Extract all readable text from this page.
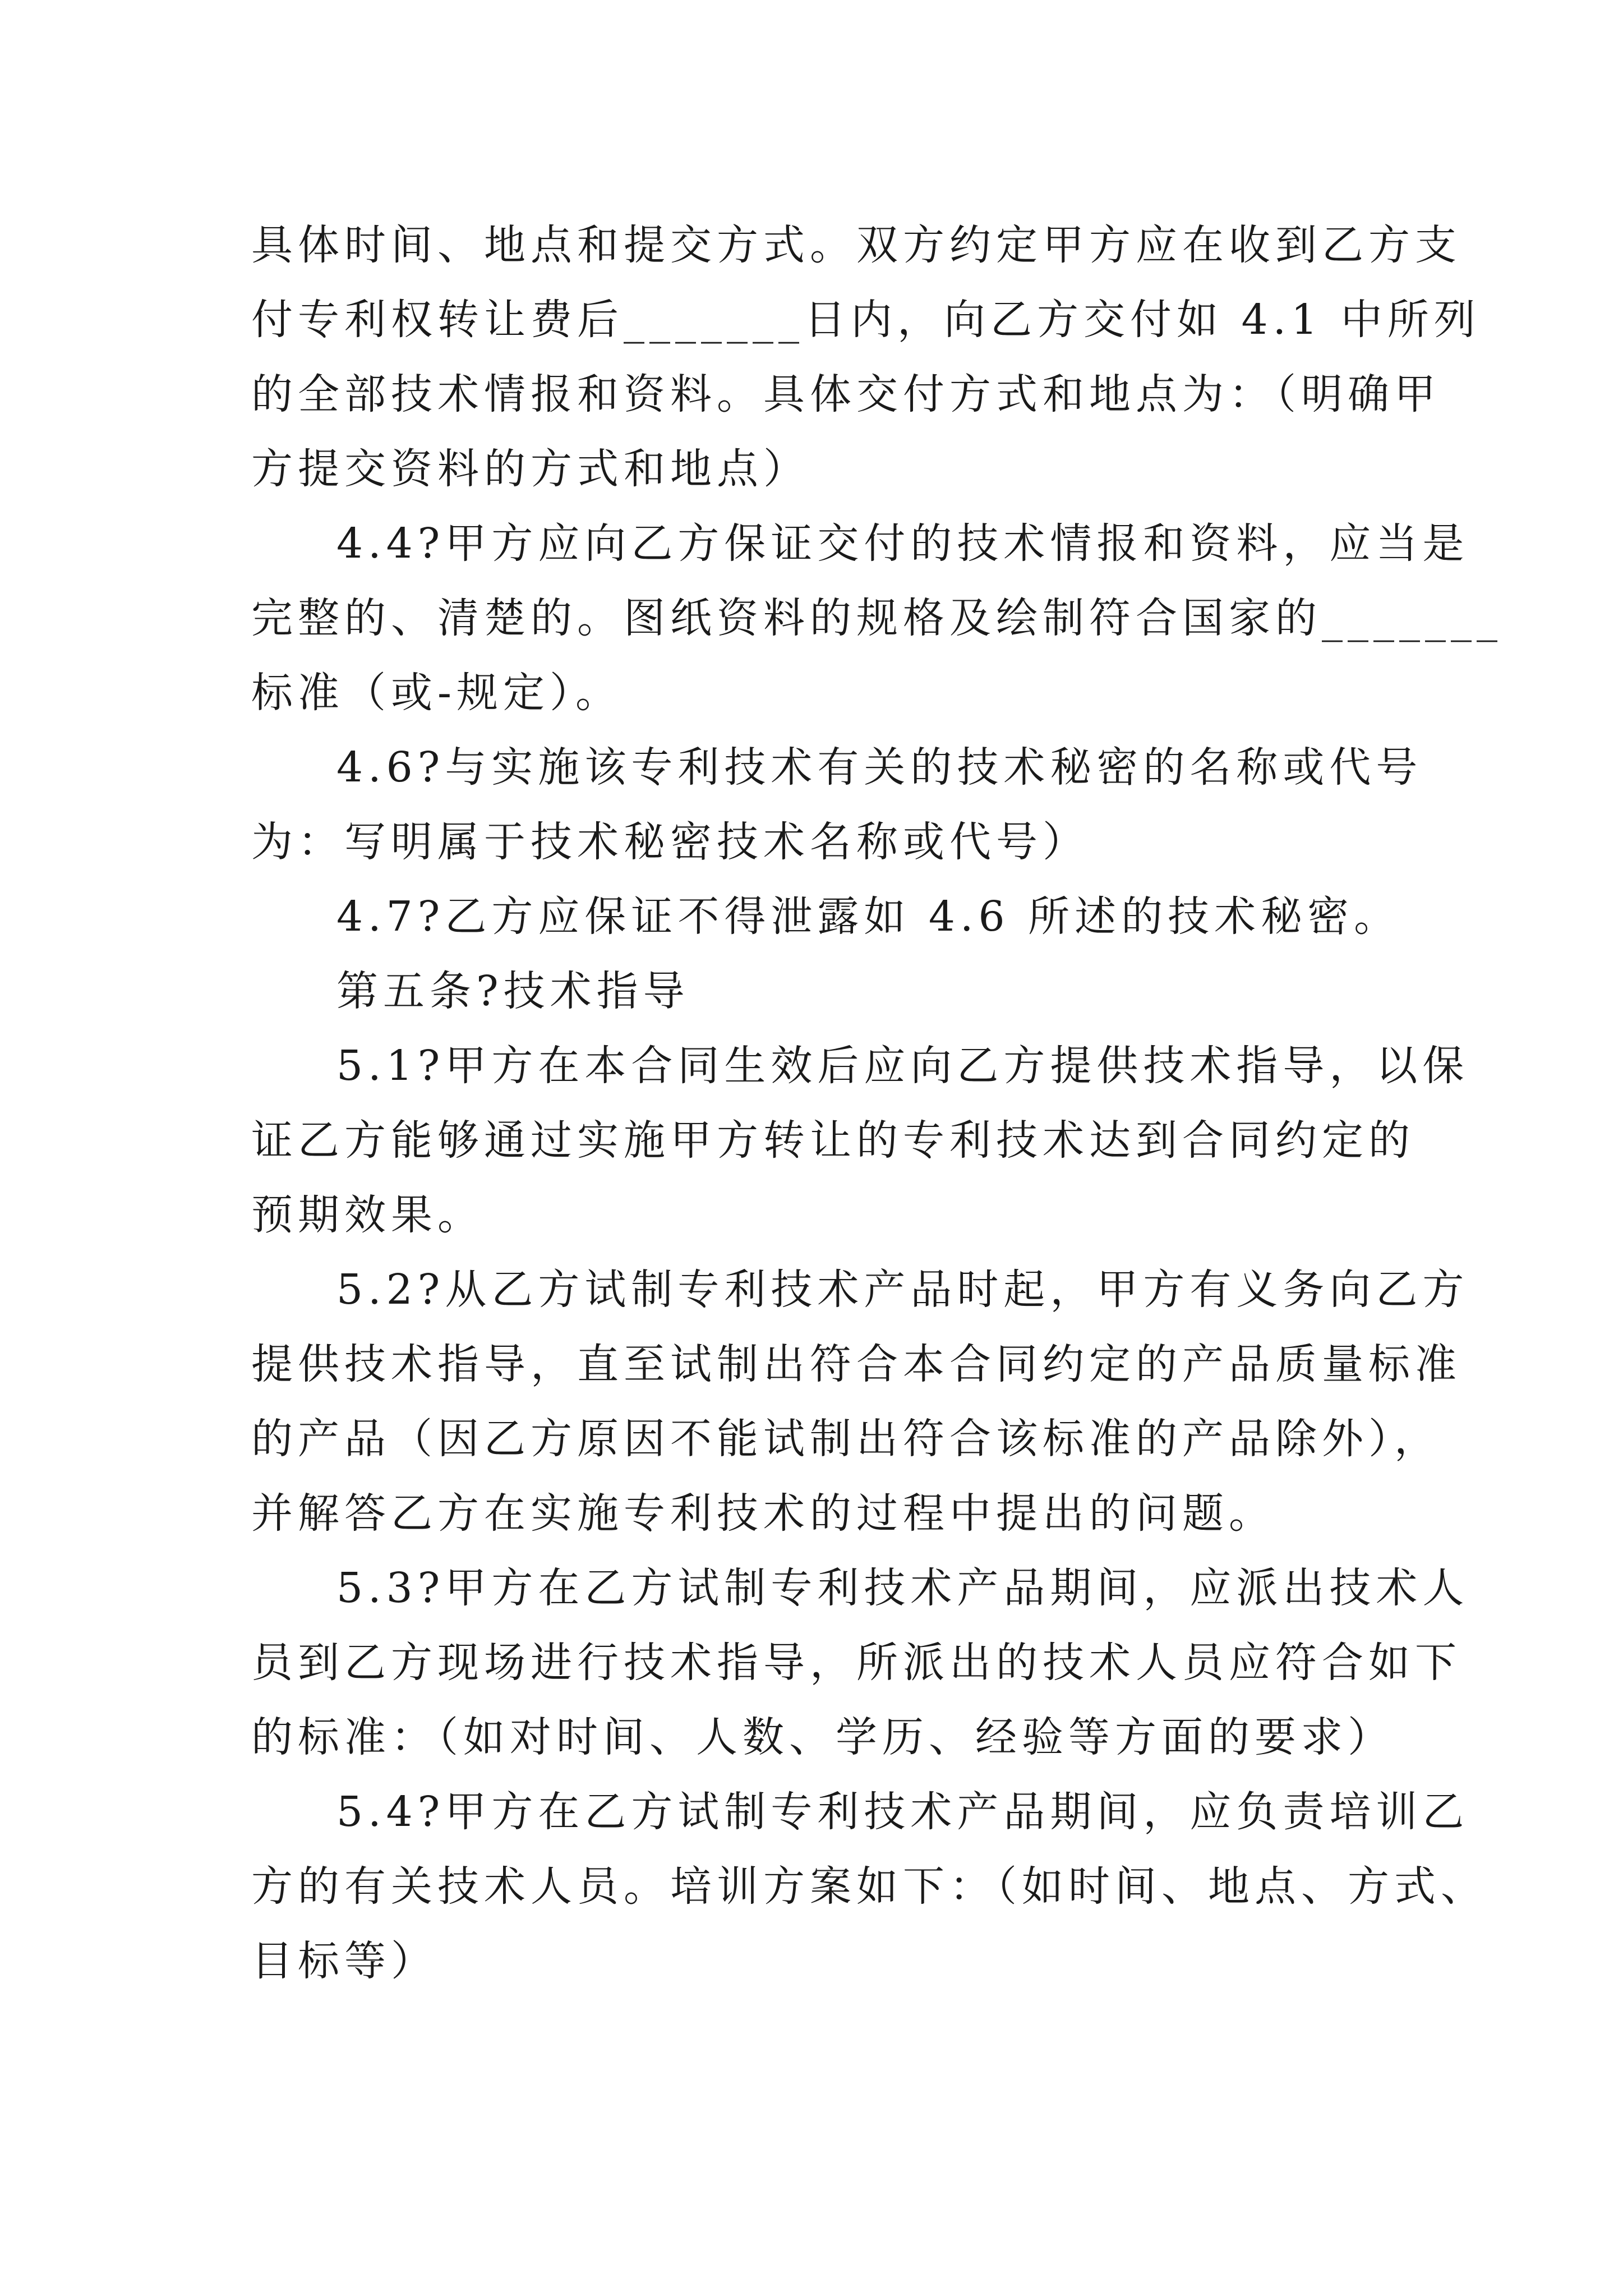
具体时间、地点和提交方式。双方约定甲方应在收到乙方支
付专利权转让费后_______日内，向乙方交付如 4.1 中所列
的全部技术情报和资料。具体交付方式和地点为：（明确甲
方提交资料的方式和地点）
4.4?甲方应向乙方保证交付的技术情报和资料，应当是
完整的、清楚的。图纸资料的规格及绘制符合国家的_______
标准（或-规定）。
4.6?与实施该专利技术有关的技术秘密的名称或代号
为：写明属于技术秘密技术名称或代号）
4.7?乙方应保证不得泄露如 4.6 所述的技术秘密。
第五条?技术指导
5.1?甲方在本合同生效后应向乙方提供技术指导，以保
证乙方能够通过实施甲方转让的专利技术达到合同约定的
预期效果。
5.2?从乙方试制专利技术产品时起，甲方有义务向乙方
提供技术指导，直至试制出符合本合同约定的产品质量标准
的产品（因乙方原因不能试制出符合该标准的产品除外），
并解答乙方在实施专利技术的过程中提出的问题。
5.3?甲方在乙方试制专利技术产品期间，应派出技术人
员到乙方现场进行技术指导，所派出的技术人员应符合如下
的标准：（如对时间、人数、学历、经验等方面的要求）
5.4?甲方在乙方试制专利技术产品期间，应负责培训乙
方的有关技术人员。培训方案如下：（如时间、地点、方式、
目标等）
